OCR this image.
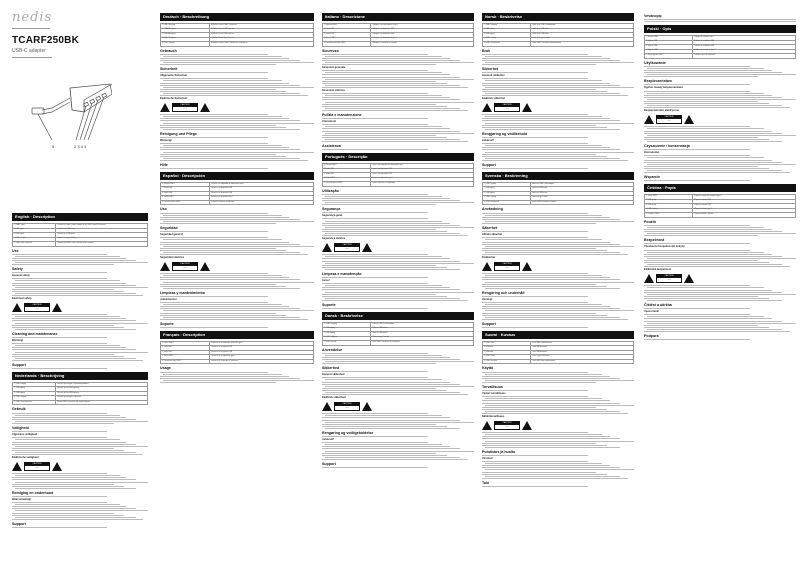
nedis
TCARF250BK
USB-C adapter
5	2 3 4 1
English · Description
1. USB-C input	Connect to a type-C power adapter for the USB-C input/PD functions
2. USB output	Connect to a USB device
3. USB output	Connect to a USB device
4. USB-C output	Connect to a type-C device
5. USB-C male connector	Connect the USB-C male connector to the computer
Use
Safety
General safety
Electrical safety
CAUTION
RISK OF ELECTRIC SHOCK DO NOT OPEN
Cleaning and maintenance
Warning!
Support
Nederlands · Beschrijving
1. USB-C-ingang	Sluit aan op een type-C-netvoedingsadapter
2. USB-uitgang	Sluit aan op een USB-apparaat
3. USB-uitgang	Sluit aan op een USB-apparaat
4. USB-C-uitgang	Sluit aan op een type-C-apparaat
5. USB-C male connector	Sluit de USB-C-connector aan op de computer
Gebruik
Veiligheid
Algemene veiligheid
Elektrische veiligheid
CAUTION
RISK OF ELECTRIC SHOCK DO NOT OPEN
Reiniging en onderhoud
Waarschuwing!
Support
Deutsch · Beschreibung
1. USB-C-Eingang	Schließen Sie ein USB-C-Netzteil an
2. USB-A-Ausgang	Schließen Sie ein USB-Gerät an
3. USB-A-Ausgang	Schließen Sie ein USB-Gerät an
4. USB-C-Ausgang	Schließen Sie ein Typ-C-Gerät an
5. USB-C-Stecker	Schließen Sie den USB-C-Stecker am Computer an
Gebrauch
Sicherheit
Allgemeine Sicherheit
Elektrische Sicherheit
CAUTION
RISK OF ELECTRIC SHOCK DO NOT OPEN
Reinigung und Pflege
Warnung!
Hilfe
Español · Descripción
1. Entrada USB-C	Conecte a un adaptador de alimentación tipo C
2. Salida USB	Conecte a un dispositivo USB
3. Salida USB	Conecte a un dispositivo USB
4. Salida USB-C	Conecte a un dispositivo tipo C
5. Conector macho USB-C	Conecte el conector al ordenador
Uso
Seguridad
Seguridad general
Seguridad eléctrica
CAUTION
RISK OF ELECTRIC SHOCK DO NOT OPEN
Limpieza y mantenimiento
¡Advertencia!
Soporte
Français · Description
1. Entrée USB-C	Connectez à un adaptateur secteur de type C
2. Sortie USB	Connectez à un appareil USB
3. Sortie USB	Connectez à un appareil USB
4. Sortie USB-C	Connectez à un appareil de type C
5. Connecteur mâle USB-C	Connectez le connecteur à l'ordinateur
Usage
Italiano · Descrizione
1. Ingresso USB-C	Collegare a un alimentatore di tipo C
2. Uscita USB	Collegare a un dispositivo USB
3. Uscita USB	Collegare a un dispositivo USB
4. Uscita USB-C	Collegare a un dispositivo di tipo C
5. Connettore maschio USB-C	Collegare il connettore al computer
Sicurezza
Sicurezza generale
Sicurezza elettrica
Pulizia e manutenzione
Attenzione!
Assistenza
Português · Descrição
1. Entrada USB-C	Ligue a um adaptador de alimentação tipo C
2. Saída USB	Ligue a um dispositivo USB
3. Saída USB	Ligue a um dispositivo USB
4. Saída USB-C	Ligue a um dispositivo tipo C
5. Conector macho USB-C	Ligue o conector ao computador
Utilização
Segurança
Segurança geral
Segurança elétrica
CAUTION
RISK OF ELECTRIC SHOCK DO NOT OPEN
Limpeza e manutenção
Aviso!
Suporte
Dansk · Beskrivelse
1. USB-C-indgang	Tilslut en USB-C-strømadapter
2. USB-udgang	Tilslut en USB-enhed
3. USB-udgang	Tilslut en USB-enhed
4. USB-C-udgang	Tilslut en type-C-enhed
5. USB-C-hanstik	Tilslut USB-C-hanstikket til computeren
Anvendelse
Sikkerhed
Generel sikkerhed
Elektrisk sikkerhed
CAUTION
RISK OF ELECTRIC SHOCK DO NOT OPEN
Rengøring og vedligeholdelse
Advarsel!
Support
Norsk · Beskrivelse
1. USB-C-inngang	Koble til en USB-C-strømadapter
2. USB-utgang	Koble til en USB-enhet
3. USB-utgang	Koble til en USB-enhet
4. USB-C-utgang	Koble til en type-C-enhet
5. USB-C-hannkontakt	Koble USB-C-kontakten til datamaskinen
Bruk
Sikkerhet
Generell sikkerhet
Elektrisk sikkerhet
CAUTION
RISK OF ELECTRIC SHOCK DO NOT OPEN
Rengjøring og vedlikehold
Advarsel!
Support
Svenska · Beskrivning
1. USB-C-ingång	Anslut en USB-C-strömadapter
2. USB-utgång	Anslut en USB-enhet
3. USB-utgång	Anslut en USB-enhet
4. USB-C-utgång	Anslut en typ-C-enhet
5. USB-C-hankontakt	Anslut USB-C-kontakten till datorn
Användning
Säkerhet
Allmän säkerhet
Elsäkerhet
CAUTION
RISK OF ELECTRIC SHOCK DO NOT OPEN
Rengöring och underhåll
Varning!
Support
Suomi · Kuvaus
1. USB-C-tulo	Liitä USB-C-virtalähteeseen
2. USB-lähtö	Liitä USB-laitteeseen
3. USB-lähtö	Liitä USB-laitteeseen
4. USB-C-lähtö	Liitä C-tyypin laitteeseen
5. USB-C-urosliitin	Liitä USB-C-liitin tietokoneeseen
Käyttö
Turvallisuus
Yleiset turvallisuus
Sähköturvallisuus
CAUTION
RISK OF ELECTRIC SHOCK DO NOT OPEN
Puhdistus ja huolto
Varoitus!
Tuki
Vevanopiç
Polski · Opis
1. Wejście USB-C	Podłącz do zasilacza typu C
2. Wyjście USB	Podłącz do urządzenia USB
3. Wyjście USB	Podłącz do urządzenia USB
4. Wyjście USB-C	Podłącz do urządzenia typu C
5. Złącze męskie USB-C	Podłącz złącze do komputera
Użytkowanie
Bezpieczeństwo
Ogólne zasady bezpieczeństwa
Bezpieczeństwo elektryczne
CAUTION
RISK OF ELECTRIC SHOCK DO NOT OPEN
Czyszczenie i konserwacja
Ostrzeżenie!
Wsparcie
Čeština · Popis
1. Vstup USB-C	Připojte k napájecímu adaptéru typu C
2. USB výstup	Připojte k zařízení USB
3. USB výstup	Připojte k zařízení USB
4. USB-C výstup	Připojte k zařízení typu C
5. Konektor USB-C	Připojte konektor k počítači
Použití
Bezpečnost
Všeobecné bezpečnostní pokyny
Elektrická bezpečnost
CAUTION
RISK OF ELECTRIC SHOCK DO NOT OPEN
Čištění a údržba
Upozornění!
Podpora
